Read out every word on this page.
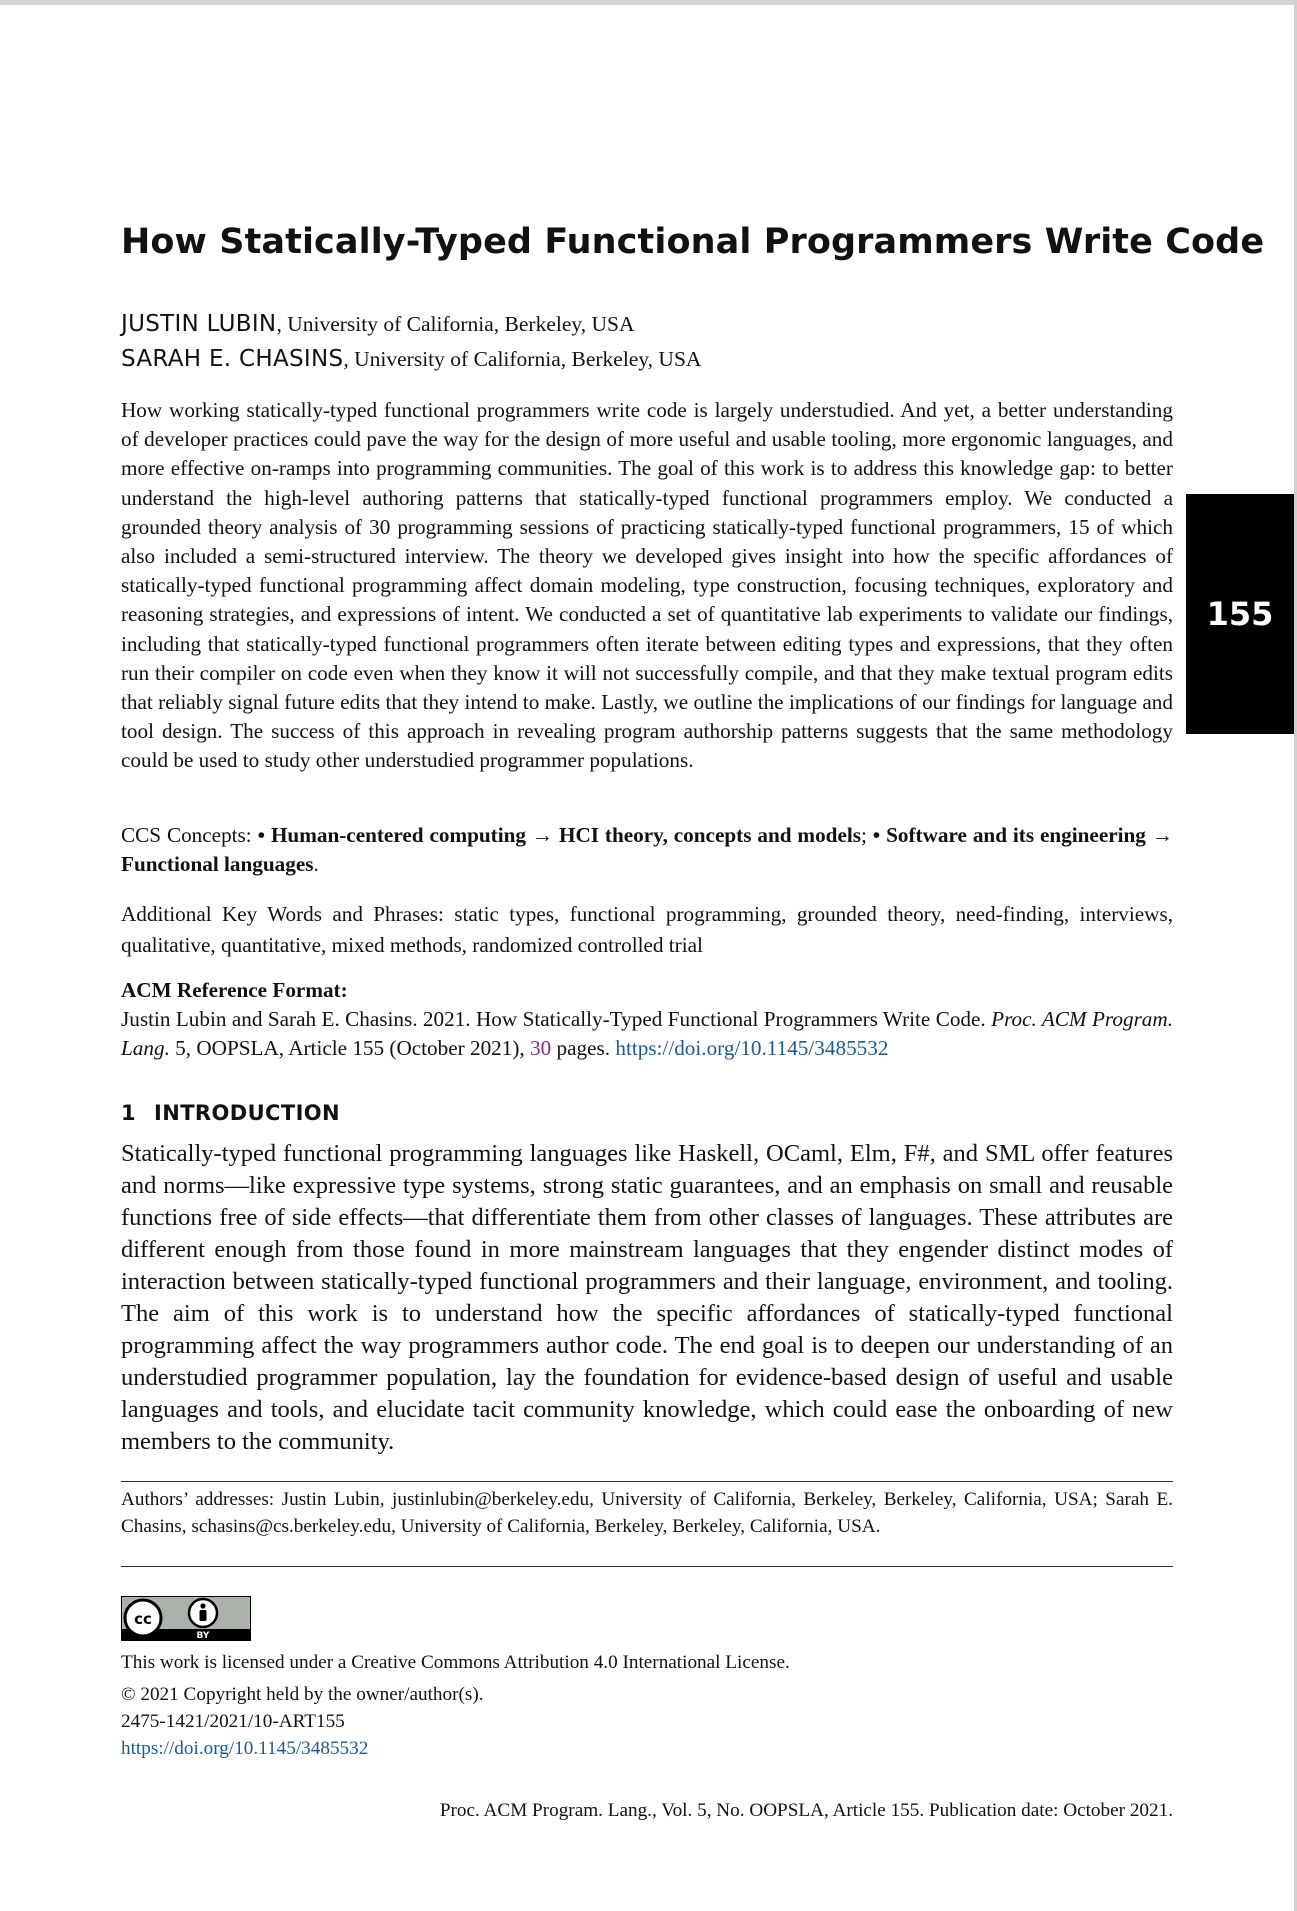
How Statically-Typed Functional Programmers Write Code
JUSTIN LUBIN, University of California, Berkeley, USA
SARAH E. CHASINS, University of California, Berkeley, USA

How working statically-typed functional programmers write code is largely understudied. And yet, a better understanding of developer practices could pave the way for the design of more useful and usable tooling, more ergonomic languages, and more effective on-ramps into programming communities. The goal of this work is to address this knowledge gap: to better understand the high-level authoring patterns that statically-typed functional programmers employ. We conducted a grounded theory analysis of 30 programming sessions of practicing statically-typed functional programmers, 15 of which also included a semi-structured interview. The theory we developed gives insight into how the specific affordances of statically-typed functional programming affect domain modeling, type construction, focusing techniques, exploratory and reasoning strategies, and expressions of intent. We conducted a set of quantitative lab experiments to validate our findings, including that statically-typed functional programmers often iterate between editing types and expressions, that they often run their compiler on code even when they know it will not successfully compile, and that they make textual program edits that reliably signal future edits that they intend to make. Lastly, we outline the implications of our findings for language and tool design. The success of this approach in revealing program authorship patterns suggests that the same methodology could be used to study other understudied programmer populations.

CCS Concepts: • Human-centered computing → HCI theory, concepts and models; • Software and its engineering → Functional languages.

Additional Key Words and Phrases: static types, functional programming, grounded theory, need-finding, interviews, qualitative, quantitative, mixed methods, randomized controlled trial

ACM Reference Format:

Justin Lubin and Sarah E. Chasins. 2021. How Statically-Typed Functional Programmers Write Code. Proc. ACM Program. Lang. 5, OOPSLA, Article 155 (October 2021), 30 pages. https://doi.org/10.1145/3485532

1 INTRODUCTION

Statically-typed functional programming languages like Haskell, OCaml, Elm, F#, and SML offer features and norms—like expressive type systems, strong static guarantees, and an emphasis on small and reusable functions free of side effects—that differentiate them from other classes of languages. These attributes are different enough from those found in more mainstream languages that they engender distinct modes of interaction between statically-typed functional programmers and their language, environment, and tooling. The aim of this work is to understand how the specific affordances of statically-typed functional programming affect the way programmers author code. The end goal is to deepen our understanding of an understudied programmer population, lay the foundation for evidence-based design of useful and usable languages and tools, and elucidate tacit community knowledge, which could ease the onboarding of new members to the community.

Authors’ addresses: Justin Lubin, justinlubin@berkeley.edu, University of California, Berkeley, Berkeley, California, USA; Sarah E. Chasins, schasins@cs.berkeley.edu, University of California, Berkeley, Berkeley, California, USA.

cc
BY
This work is licensed under a Creative Commons Attribution 4.0 International License.
© 2021 Copyright held by the owner/author(s).
2475-1421/2021/10-ART155
https://doi.org/10.1145/3485532
Proc. ACM Program. Lang., Vol. 5, No. OOPSLA, Article 155. Publication date: October 2021.
155
